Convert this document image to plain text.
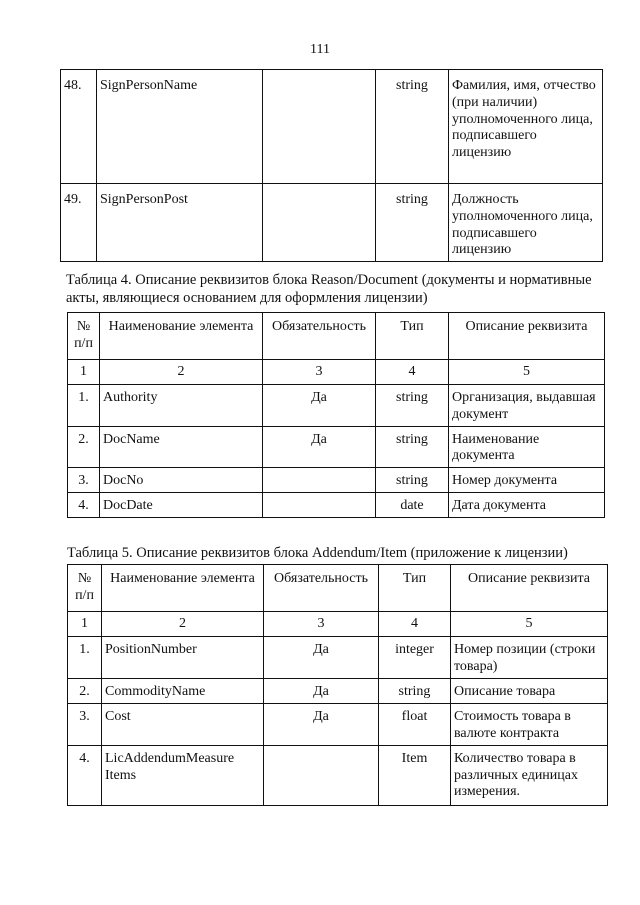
111
48.	SignPersonName		string	Фамилия, имя, отчество (при наличии) уполномоченного лица, подписавшего лицензию
49.	SignPersonPost		string	Должность уполномоченного лица, подписавшего лицензию
Таблица 4. Описание реквизитов блока Reason/Document (документы и нормативные акты, являющиеся основанием для оформления лицензии)
№ п/п	Наименование элемента	Обязательность	Тип	Описание реквизита
1	2	3	4	5
1.	Authority	Да	string	Организация, выдавшая документ
2.	DocName	Да	string	Наименование документа
3.	DocNo		string	Номер документа
4.	DocDate		date	Дата документа
Таблица 5. Описание реквизитов блока Addendum/Item (приложение к лицензии)
№ п/п	Наименование элемента	Обязательность	Тип	Описание реквизита
1	2	3	4	5
1.	PositionNumber	Да	integer	Номер позиции (строки товара)
2.	CommodityName	Да	string	Описание товара
3.	Cost	Да	float	Стоимость товара в валюте контракта
4.	LicAddendumMeasure Items		Item	Количество товара в различных единицах измерения.
